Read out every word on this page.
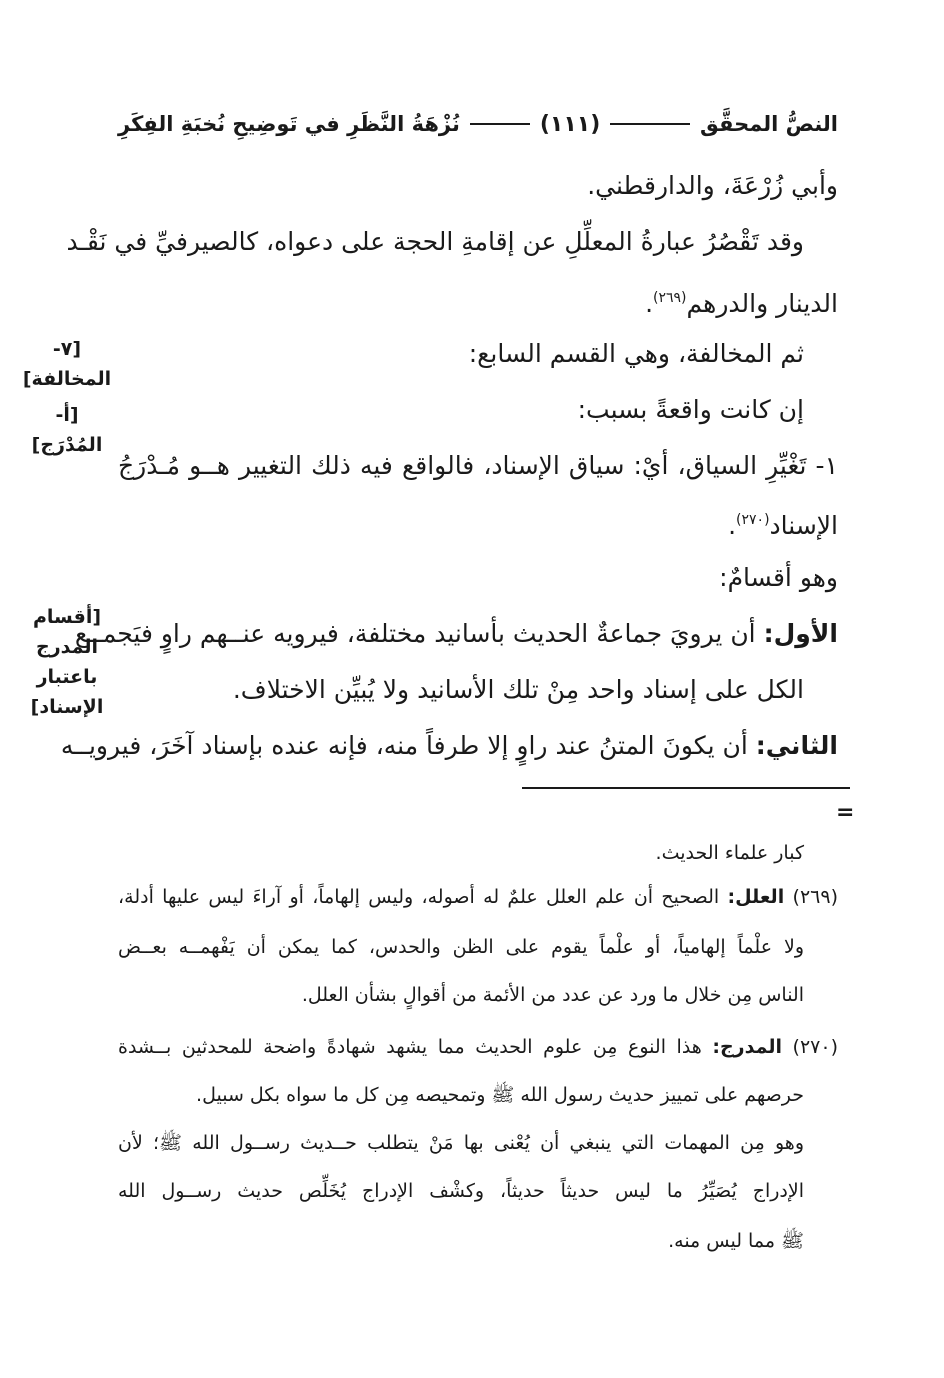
النصُّ المحقَّق
(١١١)
نُزْهَةُ النَّظَرِ في تَوضِيحِ نُخبَةِ الفِكَرِ
وأبي زُرْعَةَ، والدارقطني.
وقد تَقْصُرُ عبارةُ المعلِّلِ عن إقامةِ الحجة على دعواه، كالصيرفيِّ في نَقْـد
الدينار والدرهم$^{(٢٦٩)}$.
ثم المخالفة، وهي القسم السابع:
إن كانت واقعةً بسبب:
١- تَغْيِّرِ السياق، أيْ: سياق الإسناد، فالواقع فيه ذلك التغيير هــو مُـدْرَجُ
الإسناد$^{(٢٧٠)}$.
وهو أقسامٌ:
الأول: أن يرويَ جماعةٌ الحديث بأسانيد مختلفة، فيرويه عنــهم راوٍ فيَجمــع
الكل على إسناد واحد مِنْ تلك الأسانيد ولا يُبيِّن الاختلاف.
الثاني: أن يكونَ المتنُ عند راوٍ إلا طرفاً منه، فإنه عنده بإسناد آخَرَ، فيرويــه
[٧- المخالفة]
[أ- المُدْرَج]
[أقسام المدرج باعتبار الإسناد]
=
كبار علماء الحديث.
(٢٦٩) العلل: الصحيح أن علم العلل علمٌ له أصوله، وليس إلهاماً، أو آراءَ ليس عليها أدلة،
ولا علْماً إلهامياً، أو علْماً يقوم على الظن والحدس، كما يمكن أن يَفْهمــه بعــض
الناس مِن خلال ما ورد عن عدد من الأئمة من أقوالٍ بشأن العلل.
(٢٧٠) المدرج: هذا النوع مِن علوم الحديث مما يشهد شهادةً واضحة للمحدثين بــشدة
حرصهم على تمييز حديث رسول الله ﷺ وتمحيصه مِن كل ما سواه بكل سبيل.
وهو مِن المهمات التي ينبغي أن يُعْنى بها مَنْ يتطلب حــديث رســول الله ﷺ؛ لأن
الإدراج يُصَيِّرُ ما ليس حديثاً حديثاً، وكشْف الإدراج يُخَلِّص حديث رســول الله
ﷺ مما ليس منه.
